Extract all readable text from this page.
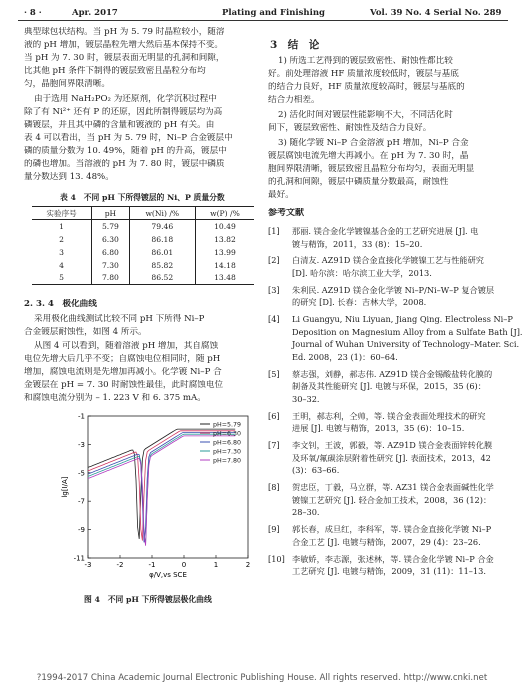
· 8 ·	Apr. 2017	Plating and Finishing	Vol. 39 No. 4 Serial No. 289
典型球包状结构。当 pH 为 5. 79 时晶粒较小，随溶
液的 pH 增加，镀层晶粒先增大然后基本保持不变。
当 pH 为 7. 30 时，镀层表面无明显的孔洞和间隙，
比其他 pH 条件下制得的镀层致密且晶粒分布均
匀，晶胞间界限清晰。
由于选用 NaH₂PO₂ 为还原剂，化学沉积过程中
除了有 Ni²⁺ 还有 P 的还原，因此所制得镀层均为高
磷镀层，并且其中磷的含量和镀液的 pH 有关。由
表 4 可以看出，当 pH 为 5. 79 时，Ni–P 合金镀层中
磷的质量分数为 10. 49%，随着 pH 的升高，镀层中
的磷也增加。当溶液的 pH 为 7. 80 时，镀层中磷质
量分数达到 13. 48%。
表 4　不同 pH 下所得镀层的 Ni、P 质量分数
实验序号	pH	w(Ni) /%	w(P) /%
1	5.79	79.46	10.49
2	6.30	86.18	13.82
3	6.80	86.01	13.99
4	7.30	85.82	14.18
5	7.80	86.52	13.48
2. 3. 4　极化曲线
采用极化曲线测试比较不同 pH 下所得 Ni–P
合金镀层耐蚀性，如图 4 所示。
从图 4 可以看到，随着溶液 pH 增加，其自腐蚀
电位先增大后几乎不变；自腐蚀电位相同时，随 pH
增加，腐蚀电流则是先增加再减小。化学镀 Ni–P 合
金镀层在 pH = 7. 30 时耐蚀性最佳，此时腐蚀电位
和腐蚀电流分别为 – 1. 223 V 和 6. 375 mA。
-3	-2	-1	0	1	2
-1
-3
-5
-7
-9
-11
φ/V,vs SCE
lg[I/A]
pH=5.79
pH=6.30
pH=6.80
pH=7.30
pH=7.80
图 4　不同 pH 下所得镀层极化曲线
3　结　论
1) 所选工艺得到的镀层致密性、耐蚀性都比较
好。前处理溶液 HF 质量浓度较低时，镀层与基底
的结合力良好，HF 质量浓度较高时，镀层与基底的
结合力相差。
2) 活化时间对镀层性能影响不大，不同活化时
间下，镀层致密性、耐蚀性及结合力良好。
3) 随化学镀 Ni–P 合金溶液 pH 增加，Ni–P 合金
镀层腐蚀电流先增大再减小。在 pH 为 7. 30 时，晶
胞间界限清晰，镀层致密且晶粒分布均匀，表面无明显
的孔洞和间隙，镀层中磷质量分数最高，耐蚀性
最好。
参考文献
[1] 那丽. 镁合金化学镀镍基合金的工艺研究进展 [J]. 电
镀与精饰，2011，33 (8)：15–20.
[2] 白清友. AZ91D 镁合金直接化学镀镍工艺与性能研究
[D]. 哈尔滨：哈尔滨工业大学，2013.
[3] 朱利民. AZ91D 镁合金化学镀 Ni–P/Ni–W–P 复合镀层
的研究 [D]. 长春：吉林大学，2008.
[4] Li Guangyu, Niu Liyuan, Jiang Qing. Electroless Ni–P
Deposition on Magnesium Alloy from a Sulfate Bath [J].
Journal of Wuhan University of Technology–Mater. Sci.
Ed. 2008，23 (1)：60–64.
[5] 蔡志强，刘静，郝志伟. AZ91D 镁合金锡酸盐转化膜的
制备及其性能研究 [J]. 电镀与环保，2015，35 (6)：
30–32.
[6] 王明，郝志利，仝帅，等. 镁合金表面处理技术的研究
进展 [J]. 电镀与精饰，2013，35 (6)：10–15.
[7] 李文钊，王波，郭毅，等. AZ91D 镁合金表面锌转化膜
及环氧/氟碳涂层附着性研究 [J]. 表面技术，2013，42
(3)：63–66.
[8] 贺忠臣，丁毅，马立群，等. AZ31 镁合金表面碱性化学
镀镍工艺研究 [J]. 轻合金加工技术，2008，36 (12)：
28–30.
[9] 郭长春，成旦红，李科军，等. 镁合金直接化学镀 Ni–P
合金工艺 [J]. 电镀与精饰，2007，29 (4)：23–26.
[10] 李敏娇，李志源，张述林，等. 镁合金化学镀 Ni–P 合金
工艺研究 [J]. 电镀与精饰，2009，31 (11)：11–13.
?1994-2017 China Academic Journal Electronic Publishing House. All rights reserved. http://www.cnki.net
